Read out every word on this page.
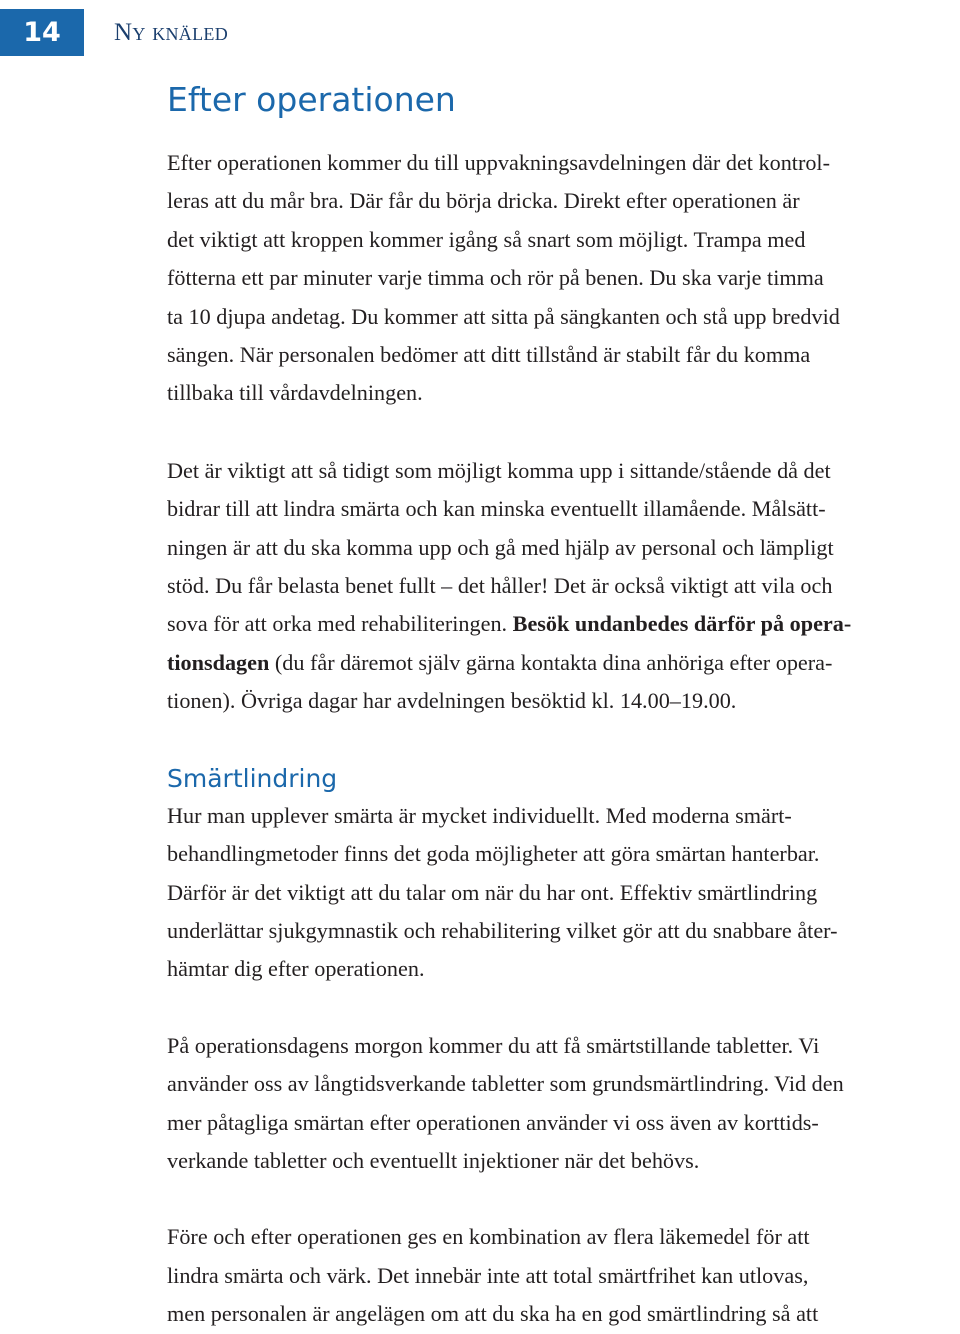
14	Ny knäled
Efter operationen
Efter operationen kommer du till uppvakningsavdelningen där det kontrol-
leras att du mår bra. Där får du börja dricka. Direkt efter operationen är
det viktigt att kroppen kommer igång så snart som möjligt. Trampa med
fötterna ett par minuter varje timma och rör på benen. Du ska varje timma
ta 10 djupa andetag. Du kommer att sitta på sängkanten och stå upp bredvid
sängen. När personalen bedömer att ditt tillstånd är stabilt får du komma
tillbaka till vårdavdelningen.
Det är viktigt att så tidigt som möjligt komma upp i sittande/stående då det
bidrar till att lindra smärta och kan minska eventuellt illamående. Målsätt-
ningen är att du ska komma upp och gå med hjälp av personal och lämpligt
stöd. Du får belasta benet fullt – det håller! Det är också viktigt att vila och
sova för att orka med rehabiliteringen. Besök undanbedes därför på opera-
tionsdagen (du får däremot själv gärna kontakta dina anhöriga efter opera-
tionen). Övriga dagar har avdelningen besöktid kl. 14.00–19.00.
Smärtlindring
Hur man upplever smärta är mycket individuellt. Med moderna smärt-
behandlingmetoder finns det goda möjligheter att göra smärtan hanterbar.
Därför är det viktigt att du talar om när du har ont. Effektiv smärtlindring
underlättar sjukgymnastik och rehabilitering vilket gör att du snabbare åter-
hämtar dig efter operationen.
På operationsdagens morgon kommer du att få smärtstillande tabletter. Vi
använder oss av långtidsverkande tabletter som grundsmärtlindring. Vid den
mer påtagliga smärtan efter operationen använder vi oss även av korttids-
verkande tabletter och eventuellt injektioner när det behövs.
Före och efter operationen ges en kombination av flera läkemedel för att
lindra smärta och värk. Det innebär inte att total smärtfrihet kan utlovas,
men personalen är angelägen om att du ska ha en god smärtlindring så att
